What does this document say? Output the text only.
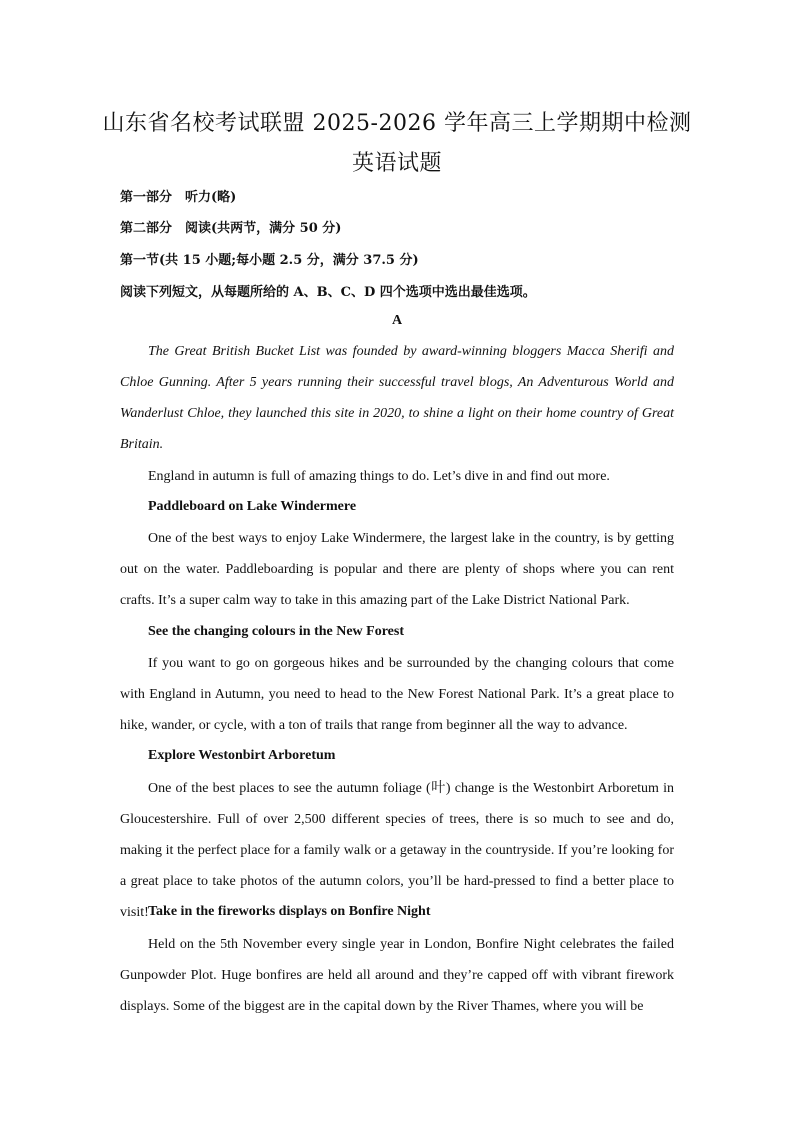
山东省名校考试联盟 2025-2026 学年高三上学期期中检测
英语试题
第一部分　听力(略)
第二部分　阅读(共两节，满分 50 分)
第一节(共 15 小题;每小题 2.5 分，满分 37.5 分)
阅读下列短文，从每题所给的 A、B、C、D 四个选项中选出最佳选项。
A

The Great British Bucket List was founded by award-winning bloggers Macca Sherifi and Chloe Gunning. After 5 years running their successful travel blogs, An Adventurous World and Wanderlust Chloe, they launched this site in 2020, to shine a light on their home country of Great Britain.

England in autumn is full of amazing things to do. Let’s dive in and find out more.

Paddleboard on Lake Windermere

One of the best ways to enjoy Lake Windermere, the largest lake in the country, is by getting out on the water. Paddleboarding is popular and there are plenty of shops where you can rent crafts. It’s a super calm way to take in this amazing part of the Lake District National Park.

See the changing colours in the New Forest

If you want to go on gorgeous hikes and be surrounded by the changing colours that come with England in Autumn, you need to head to the New Forest National Park. It’s a great place to hike, wander, or cycle, with a ton of trails that range from beginner all the way to advance.

Explore Westonbirt Arboretum

One of the best places to see the autumn foliage (叶) change is the Westonbirt Arboretum in Gloucestershire. Full of over 2,500 different species of trees, there is so much to see and do, making it the perfect place for a family walk or a getaway in the countryside. If you’re looking for a great place to take photos of the autumn colors, you’ll be hard-pressed to find a better place to visit! Take in the fireworks displays on Bonfire Night

Held on the 5th November every single year in London, Bonfire Night celebrates the failed Gunpowder Plot. Huge bonfires are held all around and they’re capped off with vibrant firework displays. Some of the biggest are in the capital down by the River Thames, where you will be
